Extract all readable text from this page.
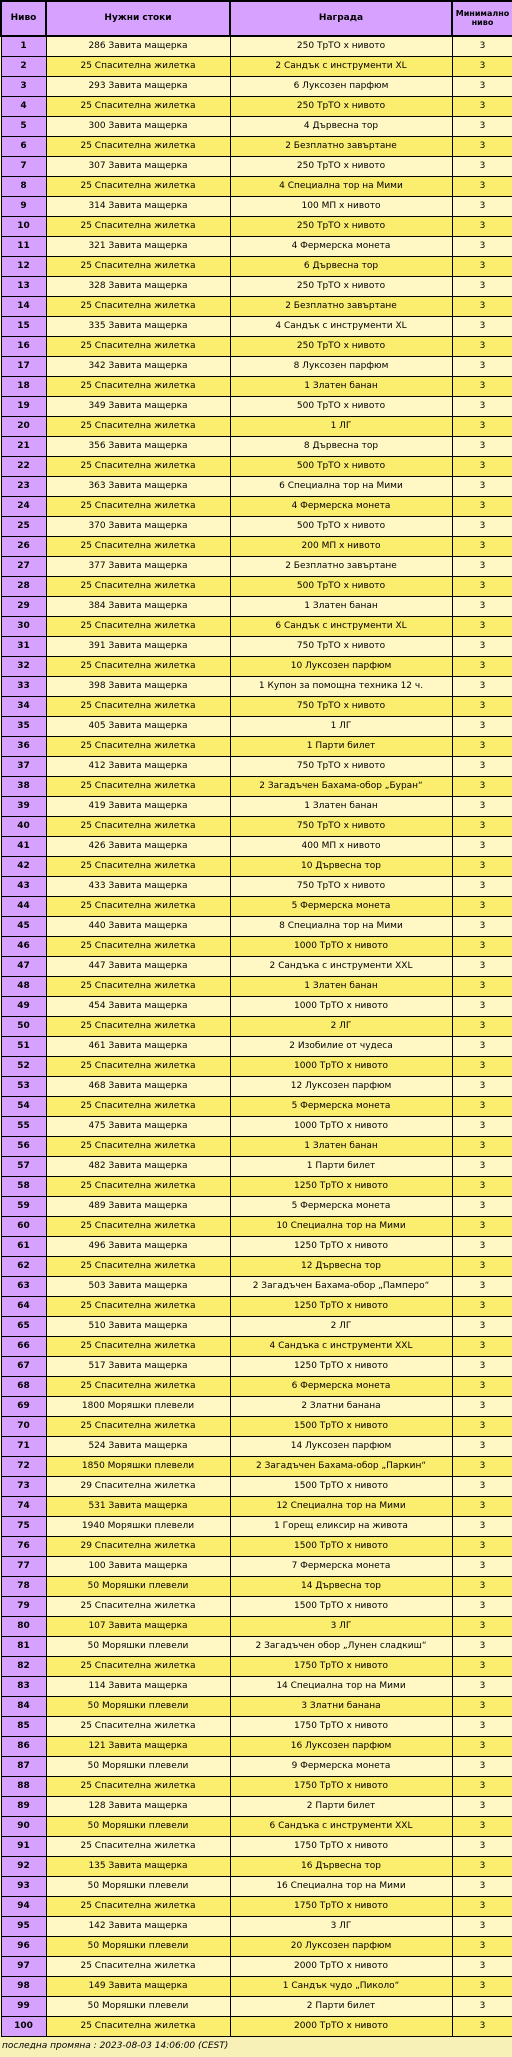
Ниво	Нужни стоки	Награда	Минимално ниво
1	286 Завита мащерка	250 ТрТО х нивото	3
2	25 Спасителна жилетка	2 Сандък с инструменти XL	3
3	293 Завита мащерка	6 Луксозен парфюм	3
4	25 Спасителна жилетка	250 ТрТО х нивото	3
5	300 Завита мащерка	4 Дървесна тор	3
6	25 Спасителна жилетка	2 Безплатно завъртане	3
7	307 Завита мащерка	250 ТрТО х нивото	3
8	25 Спасителна жилетка	4 Специална тор на Мими	3
9	314 Завита мащерка	100 МП х нивото	3
10	25 Спасителна жилетка	250 ТрТО х нивото	3
11	321 Завита мащерка	4 Фермерска монета	3
12	25 Спасителна жилетка	6 Дървесна тор	3
13	328 Завита мащерка	250 ТрТО х нивото	3
14	25 Спасителна жилетка	2 Безплатно завъртане	3
15	335 Завита мащерка	4 Сандък с инструменти XL	3
16	25 Спасителна жилетка	250 ТрТО х нивото	3
17	342 Завита мащерка	8 Луксозен парфюм	3
18	25 Спасителна жилетка	1 Златен банан	3
19	349 Завита мащерка	500 ТрТО х нивото	3
20	25 Спасителна жилетка	1 ЛГ	3
21	356 Завита мащерка	8 Дървесна тор	3
22	25 Спасителна жилетка	500 ТрТО х нивото	3
23	363 Завита мащерка	6 Специална тор на Мими	3
24	25 Спасителна жилетка	4 Фермерска монета	3
25	370 Завита мащерка	500 ТрТО х нивото	3
26	25 Спасителна жилетка	200 МП х нивото	3
27	377 Завита мащерка	2 Безплатно завъртане	3
28	25 Спасителна жилетка	500 ТрТО х нивото	3
29	384 Завита мащерка	1 Златен банан	3
30	25 Спасителна жилетка	6 Сандък с инструменти XL	3
31	391 Завита мащерка	750 ТрТО х нивото	3
32	25 Спасителна жилетка	10 Луксозен парфюм	3
33	398 Завита мащерка	1 Купон за помощна техника 12 ч.	3
34	25 Спасителна жилетка	750 ТрТО х нивото	3
35	405 Завита мащерка	1 ЛГ	3
36	25 Спасителна жилетка	1 Парти билет	3
37	412 Завита мащерка	750 ТрТО х нивото	3
38	25 Спасителна жилетка	2 Загадъчен Бахама-обор „Буран“	3
39	419 Завита мащерка	1 Златен банан	3
40	25 Спасителна жилетка	750 ТрТО х нивото	3
41	426 Завита мащерка	400 МП х нивото	3
42	25 Спасителна жилетка	10 Дървесна тор	3
43	433 Завита мащерка	750 ТрТО х нивото	3
44	25 Спасителна жилетка	5 Фермерска монета	3
45	440 Завита мащерка	8 Специална тор на Мими	3
46	25 Спасителна жилетка	1000 ТрТО х нивото	3
47	447 Завита мащерка	2 Сандъка с инструменти XXL	3
48	25 Спасителна жилетка	1 Златен банан	3
49	454 Завита мащерка	1000 ТрТО х нивото	3
50	25 Спасителна жилетка	2 ЛГ	3
51	461 Завита мащерка	2 Изобилие от чудеса	3
52	25 Спасителна жилетка	1000 ТрТО х нивото	3
53	468 Завита мащерка	12 Луксозен парфюм	3
54	25 Спасителна жилетка	5 Фермерска монета	3
55	475 Завита мащерка	1000 ТрТО х нивото	3
56	25 Спасителна жилетка	1 Златен банан	3
57	482 Завита мащерка	1 Парти билет	3
58	25 Спасителна жилетка	1250 ТрТО х нивото	3
59	489 Завита мащерка	5 Фермерска монета	3
60	25 Спасителна жилетка	10 Специална тор на Мими	3
61	496 Завита мащерка	1250 ТрТО х нивото	3
62	25 Спасителна жилетка	12 Дървесна тор	3
63	503 Завита мащерка	2 Загадъчен Бахама-обор „Памперо“	3
64	25 Спасителна жилетка	1250 ТрТО х нивото	3
65	510 Завита мащерка	2 ЛГ	3
66	25 Спасителна жилетка	4 Сандъка с инструменти XXL	3
67	517 Завита мащерка	1250 ТрТО х нивото	3
68	25 Спасителна жилетка	6 Фермерска монета	3
69	1800 Моряшки плевели	2 Златни банана	3
70	25 Спасителна жилетка	1500 ТрТО х нивото	3
71	524 Завита мащерка	14 Луксозен парфюм	3
72	1850 Моряшки плевели	2 Загадъчен Бахама-обор „Паркин“	3
73	29 Спасителна жилетка	1500 ТрТО х нивото	3
74	531 Завита мащерка	12 Специална тор на Мими	3
75	1940 Моряшки плевели	1 Горещ еликсир на живота	3
76	29 Спасителна жилетка	1500 ТрТО х нивото	3
77	100 Завита мащерка	7 Фермерска монета	3
78	50 Моряшки плевели	14 Дървесна тор	3
79	25 Спасителна жилетка	1500 ТрТО х нивото	3
80	107 Завита мащерка	3 ЛГ	3
81	50 Моряшки плевели	2 Загадъчен обор „Лунен сладкиш“	3
82	25 Спасителна жилетка	1750 ТрТО х нивото	3
83	114 Завита мащерка	14 Специална тор на Мими	3
84	50 Моряшки плевели	3 Златни банана	3
85	25 Спасителна жилетка	1750 ТрТО х нивото	3
86	121 Завита мащерка	16 Луксозен парфюм	3
87	50 Моряшки плевели	9 Фермерска монета	3
88	25 Спасителна жилетка	1750 ТрТО х нивото	3
89	128 Завита мащерка	2 Парти билет	3
90	50 Моряшки плевели	6 Сандъка с инструменти XXL	3
91	25 Спасителна жилетка	1750 ТрТО х нивото	3
92	135 Завита мащерка	16 Дървесна тор	3
93	50 Моряшки плевели	16 Специална тор на Мими	3
94	25 Спасителна жилетка	1750 ТрТО х нивото	3
95	142 Завита мащерка	3 ЛГ	3
96	50 Моряшки плевели	20 Луксозен парфюм	3
97	25 Спасителна жилетка	2000 ТрТО х нивото	3
98	149 Завита мащерка	1 Сандък чудо „Пиколо“	3
99	50 Моряшки плевели	2 Парти билет	3
100	25 Спасителна жилетка	2000 ТрТО х нивото	3
последна промяна : 2023-08-03 14:06:00 (CEST)
